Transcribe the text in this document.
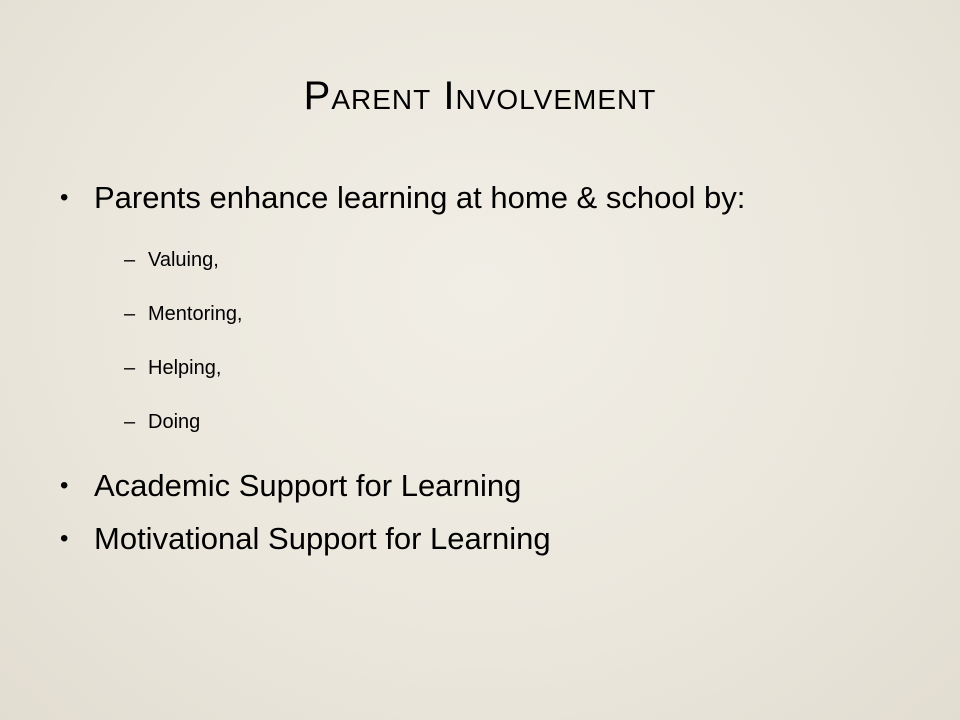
Parent Involvement
• Parents enhance learning at home & school by:
– Valuing,
– Mentoring,
– Helping,
– Doing
• Academic Support for Learning
• Motivational Support for Learning
